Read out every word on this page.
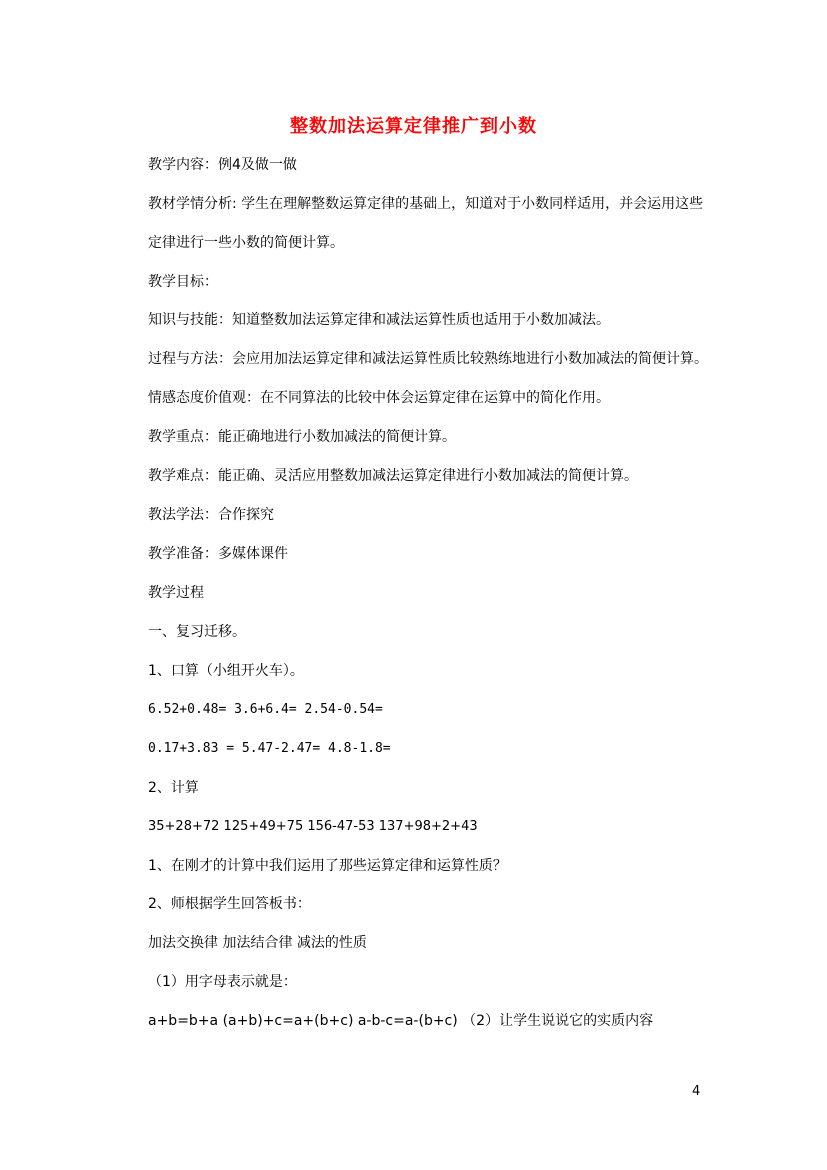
整数加法运算定律推广到小数
教学内容：例4及做一做
教材学情分析: 学生在理解整数运算定律的基础上，知道对于小数同样适用，并会运用这些
定律进行一些小数的简便计算。
教学目标：
知识与技能：知道整数加法运算定律和减法运算性质也适用于小数加减法。
过程与方法：会应用加法运算定律和减法运算性质比较熟练地进行小数加减法的简便计算。
情感态度价值观：在不同算法的比较中体会运算定律在运算中的简化作用。
教学重点：能正确地进行小数加减法的简便计算。
教学难点：能正确、灵活应用整数加减法运算定律进行小数加减法的简便计算。
教法学法：合作探究
教学准备：多媒体课件
教学过程
一、复习迁移。
1、口算（小组开火车）。
6.52+0.48= 3.6+6.4= 2.54-0.54=
0.17+3.83 = 5.47-2.47= 4.8-1.8=
2、计算
35+28+72 125+49+75 156-47-53 137+98+2+43
1、在刚才的计算中我们运用了那些运算定律和运算性质？
2、师根据学生回答板书：
加法交换律 加法结合律 减法的性质
（1）用字母表示就是：
a+b=b+a (a+b)+c=a+(b+c) a-b-c=a-(b+c) （2）让学生说说它的实质内容
4
